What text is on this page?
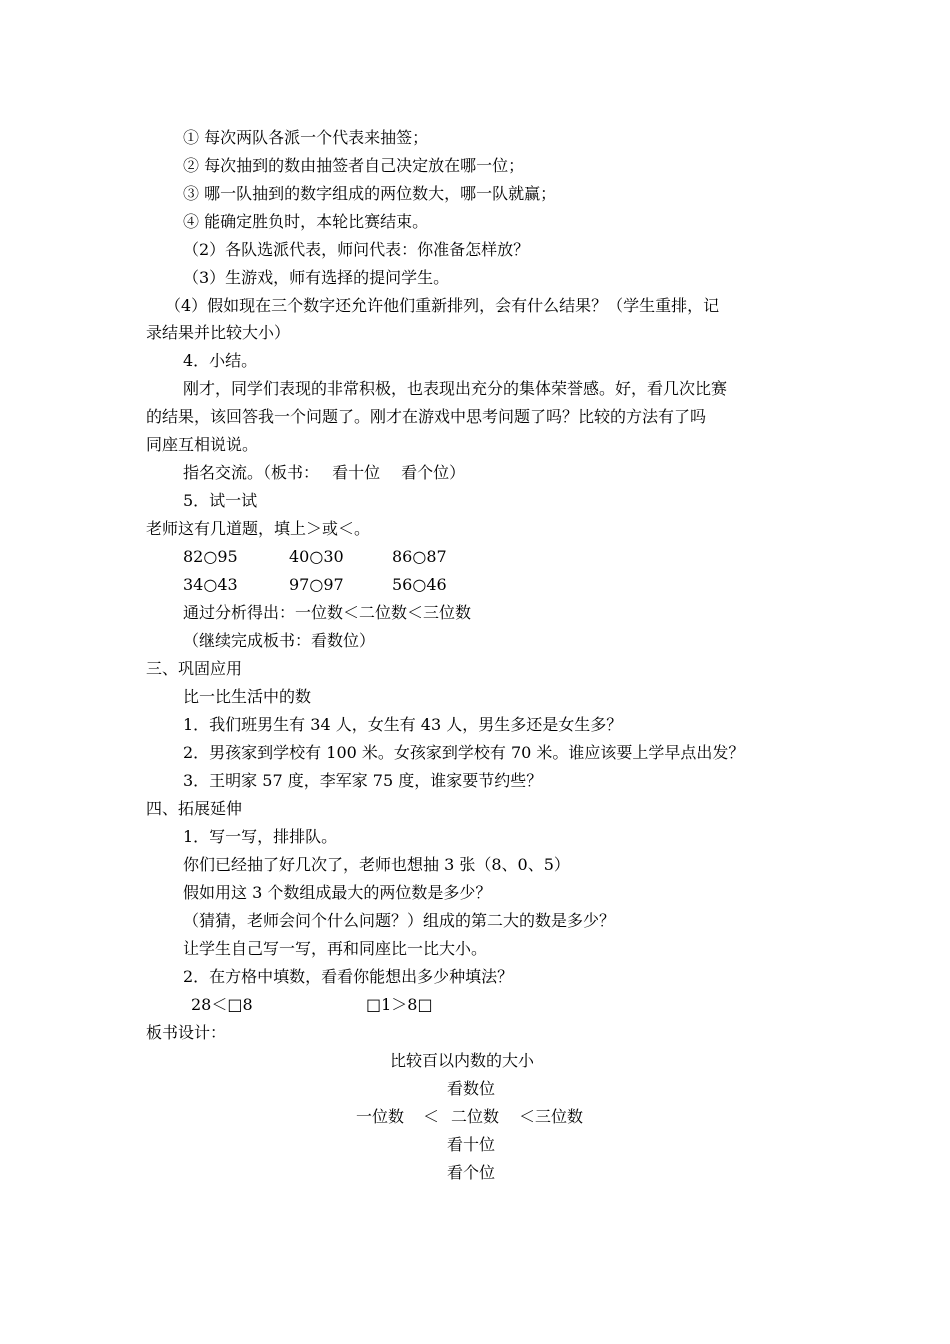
① 每次两队各派一个代表来抽签；
② 每次抽到的数由抽签者自己决定放在哪一位；
③ 哪一队抽到的数字组成的两位数大，哪一队就赢；
④ 能确定胜负时，本轮比赛结束。
（2）各队选派代表，师问代表：你准备怎样放？
（3）生游戏，师有选择的提问学生。
（4）假如现在三个数字还允许他们重新排列，会有什么结果？（学生重排，记
录结果并比较大小）
4．小结。
刚才，同学们表现的非常积极，也表现出充分的集体荣誉感。好，看几次比赛
的结果，该回答我一个问题了。刚才在游戏中思考问题了吗？比较的方法有了吗
同座互相说说。
指名交流。（板书：　 看十位　 看个位）
5．试一试
老师这有几道题，填上＞或＜。
82○95	40○30	86○87
34○43	97○97	56○46
通过分析得出：一位数＜二位数＜三位数
（继续完成板书：看数位）
三、巩固应用
比一比生活中的数
1．我们班男生有 34 人，女生有 43 人，男生多还是女生多？
2．男孩家到学校有 100 米。女孩家到学校有 70 米。谁应该要上学早点出发？
3．王明家 57 度，李军家 75 度，谁家要节约些？
四、拓展延伸
1．写一写，排排队。
你们已经抽了好几次了，老师也想抽 3 张（8、0、5）
假如用这 3 个数组成最大的两位数是多少？
（猜猜，老师会问个什么问题？）组成的第二大的数是多少？
让学生自己写一写，再和同座比一比大小。
2．在方格中填数，看看你能想出多少种填法？
28＜□8	□1＞8□
板书设计：
比较百以内数的大小
看数位
一位数 ＜ 二位数 ＜三位数
看十位
看个位
